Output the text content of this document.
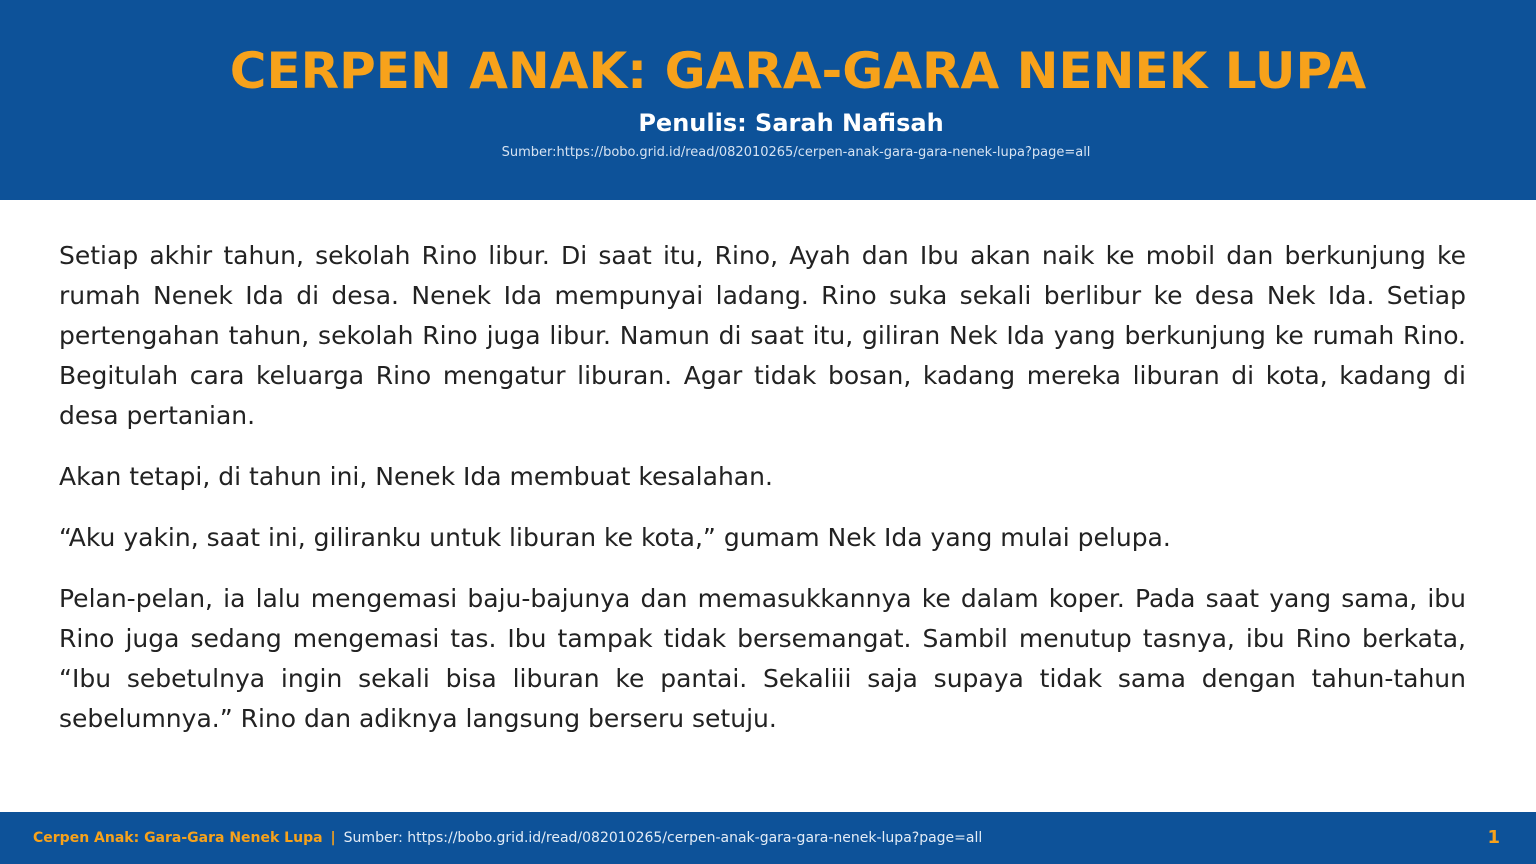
CERPEN ANAK: GARA-GARA NENEK LUPA
Penulis: Sarah Nafisah
Sumber:https://bobo.grid.id/read/082010265/cerpen-anak-gara-gara-nenek-lupa?page=all

Setiap akhir tahun, sekolah Rino libur. Di saat itu, Rino, Ayah dan Ibu akan naik ke mobil dan berkunjung ke rumah Nenek Ida di desa. Nenek Ida mempunyai ladang. Rino suka sekali berlibur ke desa Nek Ida. Setiap pertengahan tahun, sekolah Rino juga libur. Namun di saat itu, giliran Nek Ida yang berkunjung ke rumah Rino. Begitulah cara keluarga Rino mengatur liburan. Agar tidak bosan, kadang mereka liburan di kota, kadang di desa pertanian.

Akan tetapi, di tahun ini, Nenek Ida membuat kesalahan.

“Aku yakin, saat ini, giliranku untuk liburan ke kota,” gumam Nek Ida yang mulai pelupa.

Pelan-pelan, ia lalu mengemasi baju-bajunya dan memasukkannya ke dalam koper. Pada saat yang sama, ibu Rino juga sedang mengemasi tas. Ibu tampak tidak bersemangat. Sambil menutup tasnya, ibu Rino berkata, “Ibu sebetulnya ingin sekali bisa liburan ke pantai. Sekaliii saja supaya tidak sama dengan tahun-tahun sebelumnya.” Rino dan adiknya langsung berseru setuju.

Cerpen Anak: Gara-Gara Nenek Lupa | Sumber: https://bobo.grid.id/read/082010265/cerpen-anak-gara-gara-nenek-lupa?page=all	1
